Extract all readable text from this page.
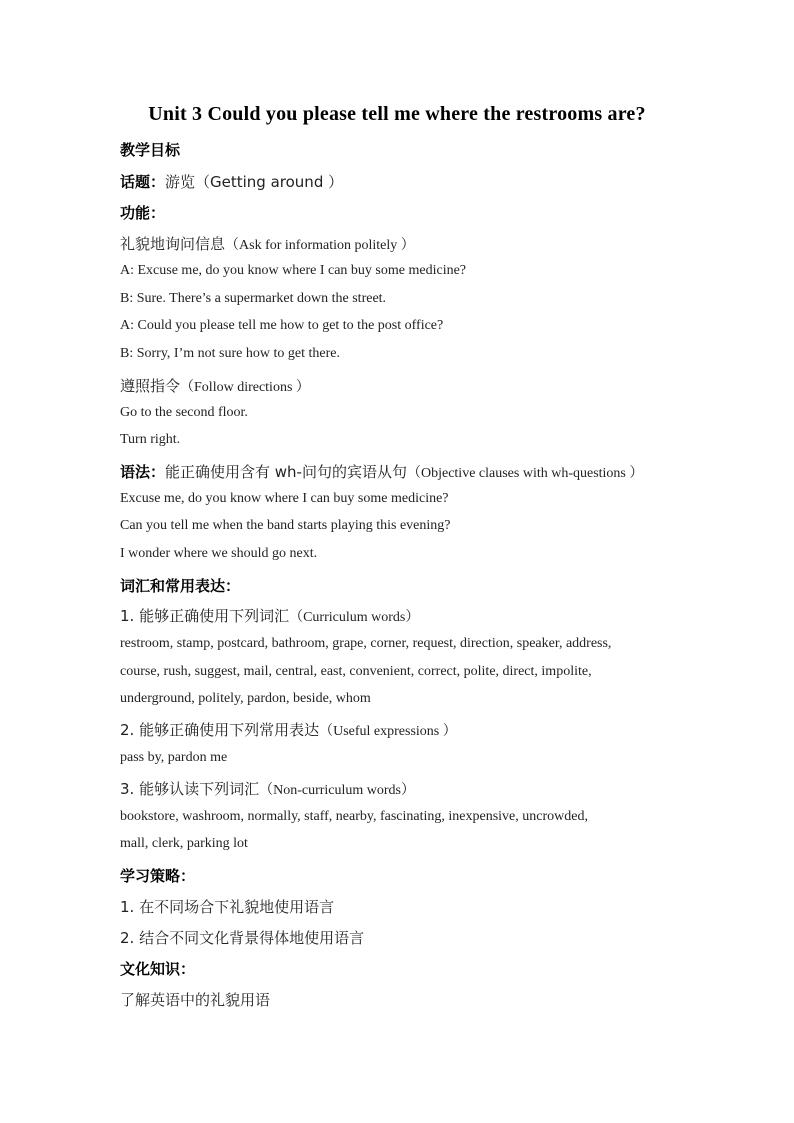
Unit 3 Could you please tell me where the restrooms are?
教学目标
话题：游览（Getting around ）
功能：
礼貌地询问信息（Ask for information politely ）
A: Excuse me, do you know where I can buy some medicine?
B: Sure. There’s a supermarket down the street.
A: Could you please tell me how to get to the post office?
B: Sorry, I’m not sure how to get there.
遵照指令（Follow directions ）
Go to the second floor.
Turn right.
语法：能正确使用含有 wh-问句的宾语从句（Objective clauses with wh-questions ）
Excuse me, do you know where I can buy some medicine?
Can you tell me when the band starts playing this evening?
I wonder where we should go next.
词汇和常用表达：
1. 能够正确使用下列词汇（Curriculum words）
restroom, stamp, postcard, bathroom, grape, corner, request, direction, speaker, address,
course, rush, suggest, mail, central, east, convenient, correct, polite, direct, impolite,
underground, politely, pardon, beside, whom
2. 能够正确使用下列常用表达（Useful expressions ）
pass by, pardon me
3. 能够认读下列词汇（Non-curriculum words）
bookstore, washroom, normally, staff, nearby, fascinating, inexpensive, uncrowded,
mall, clerk, parking lot
学习策略：
1. 在不同场合下礼貌地使用语言
2. 结合不同文化背景得体地使用语言
文化知识：
了解英语中的礼貌用语
